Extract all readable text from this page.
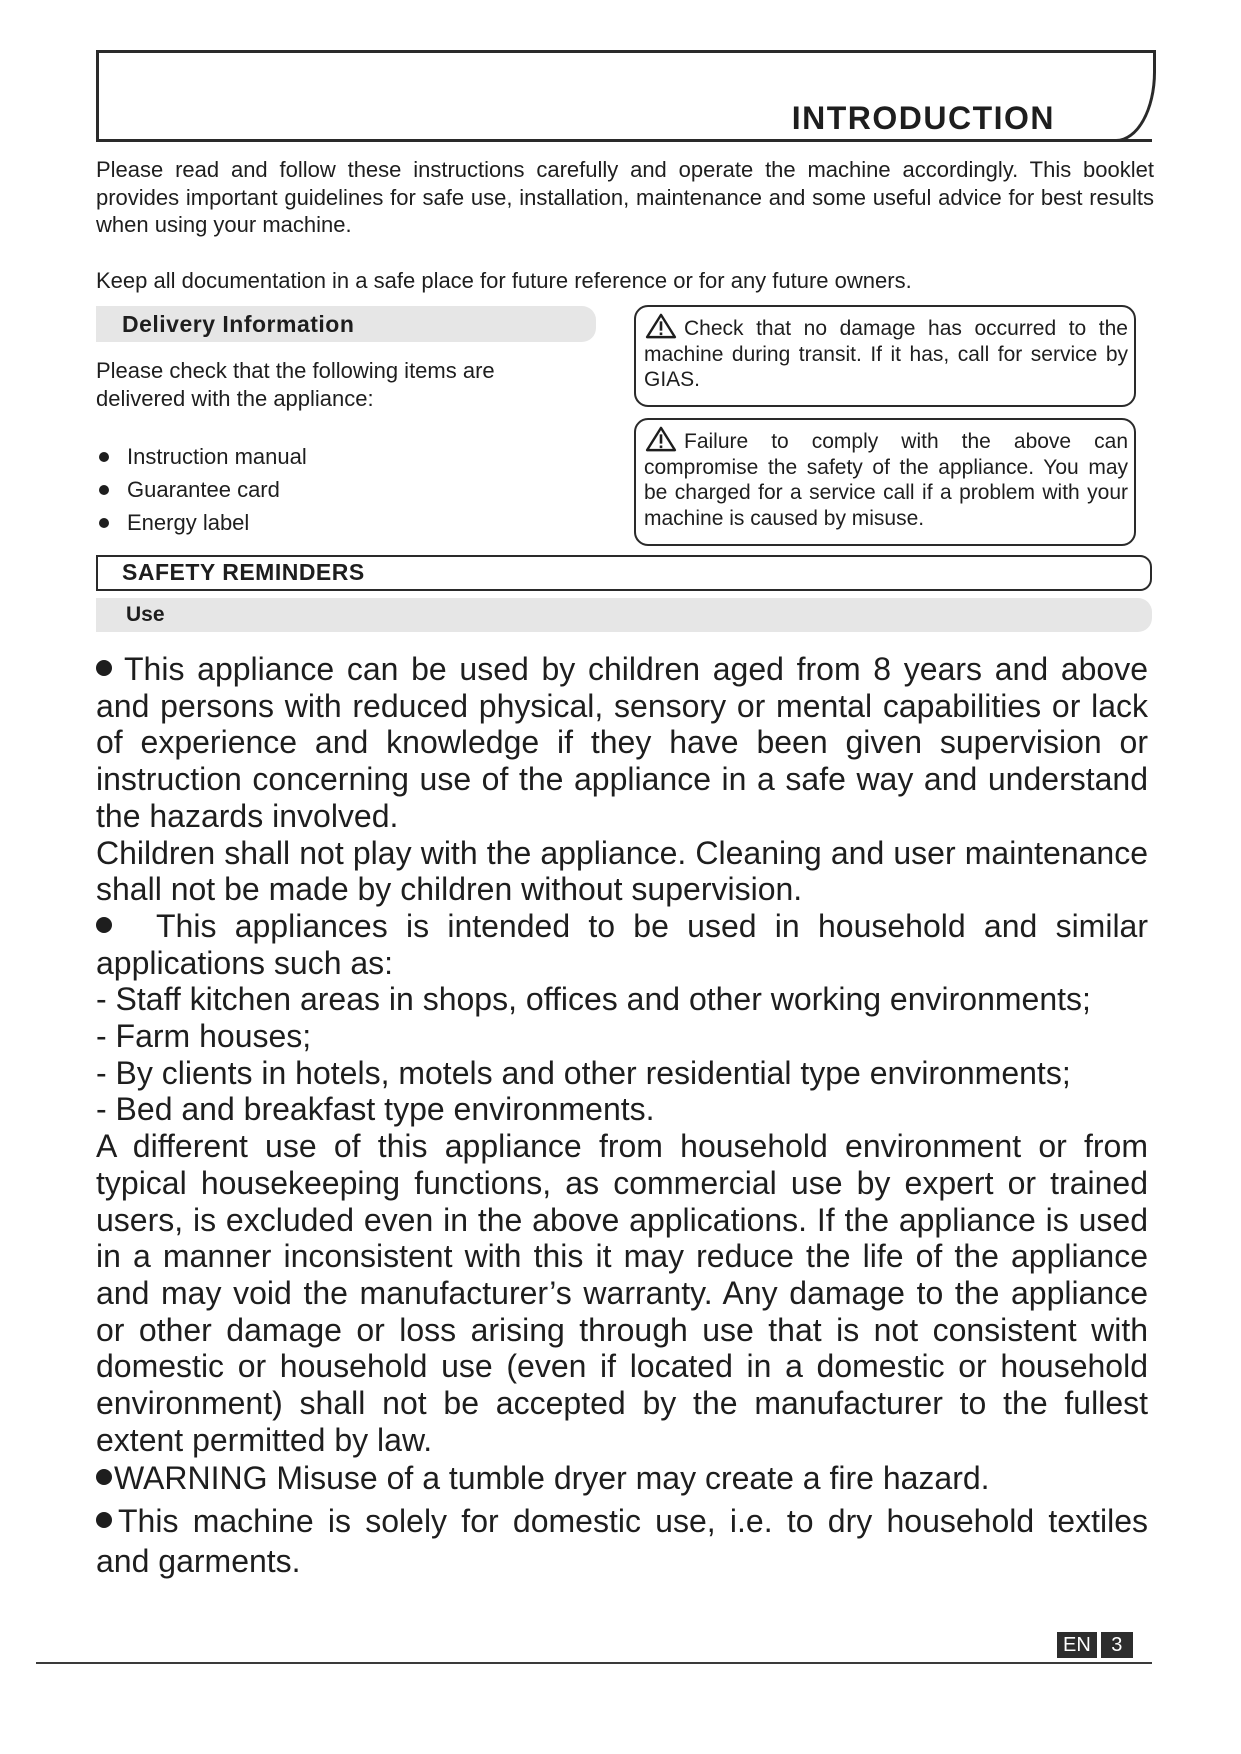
INTRODUCTION
Please read and follow these instructions carefully and operate the machine accordingly. This booklet provides important guidelines for safe use, installation, maintenance and some useful advice for best results when using your machine.
Keep all documentation in a safe place for future reference or for any future owners.
Delivery Information
Please check that the following items are delivered with the appliance:
Instruction manual
Guarantee card
Energy label
Check that no damage has occurred to the machine during transit. If it has, call for service by GIAS.
Failure to comply with the above can compromise the safety of the appliance. You may be charged for a service call if a problem with your machine is caused by misuse.
SAFETY REMINDERS
Use

This appliance can be used by children aged from 8 years and above and persons with reduced physical, sensory or mental capabilities or lack of experience and knowledge if they have been given supervision or instruction concerning use of the appliance in a safe way and understand the hazards involved.

Children shall not play with the appliance. Cleaning and user maintenance shall not be made by children without supervision.

This appliances is intended to be used in household and similar applications such as:

- Staff kitchen areas in shops, offices and other working environments;
- Farm houses;
- By clients in hotels, motels and other residential type environments;
- Bed and breakfast type environments.

A different use of this appliance from household environment or from typical housekeeping functions, as commercial use by expert or trained users, is excluded even in the above applications. If the appliance is used in a manner inconsistent with this it may reduce the life of the appliance and may void the manufacturer’s warranty. Any damage to the appliance or other damage or loss arising through use that is not consistent with domestic or household use (even if located in a domestic or household environment) shall not be accepted by the manufacturer to the fullest extent permitted by law.

WARNING Misuse of a tumble dryer may create a fire hazard.

This machine is solely for domestic use, i.e. to dry household textiles and garments.

EN	3
